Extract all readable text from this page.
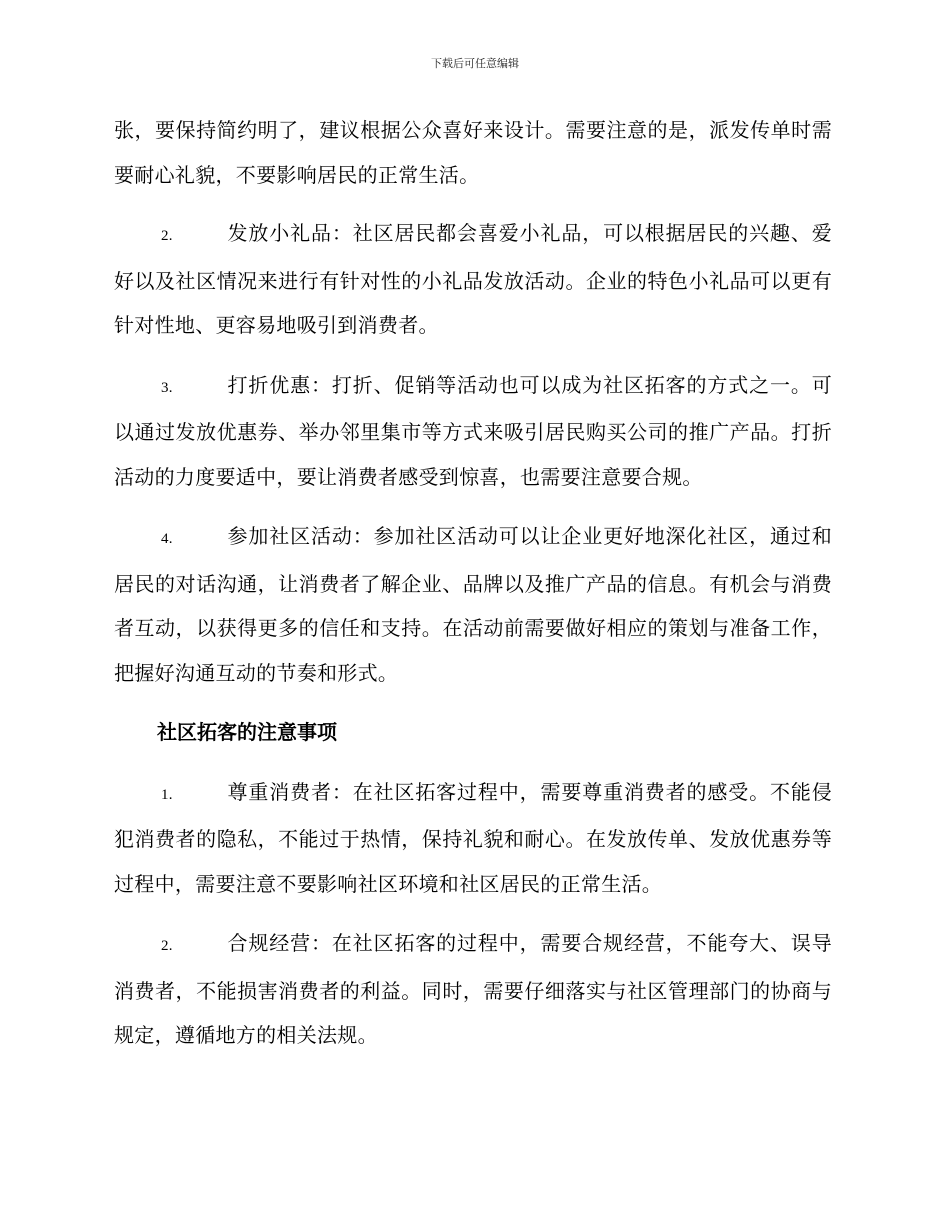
下载后可任意编辑

张，要保持简约明了，建议根据公众喜好来设计。需要注意的是，派发传单时需要耐心礼貌，不要影响居民的正常生活。

2.	发放小礼品：社区居民都会喜爱小礼品，可以根据居民的兴趣、爱好以及社区情况来进行有针对性的小礼品发放活动。企业的特色小礼品可以更有针对性地、更容易地吸引到消费者。

3.	打折优惠：打折、促销等活动也可以成为社区拓客的方式之一。可以通过发放优惠券、举办邻里集市等方式来吸引居民购买公司的推广产品。打折活动的力度要适中，要让消费者感受到惊喜，也需要注意要合规。

4.	参加社区活动：参加社区活动可以让企业更好地深化社区，通过和居民的对话沟通，让消费者了解企业、品牌以及推广产品的信息。有机会与消费者互动，以获得更多的信任和支持。在活动前需要做好相应的策划与准备工作，把握好沟通互动的节奏和形式。

社区拓客的注意事项

1.	尊重消费者：在社区拓客过程中，需要尊重消费者的感受。不能侵犯消费者的隐私，不能过于热情，保持礼貌和耐心。在发放传单、发放优惠券等过程中，需要注意不要影响社区环境和社区居民的正常生活。

2.	合规经营：在社区拓客的过程中，需要合规经营，不能夸大、误导消费者，不能损害消费者的利益。同时，需要仔细落实与社区管理部门的协商与规定，遵循地方的相关法规。
